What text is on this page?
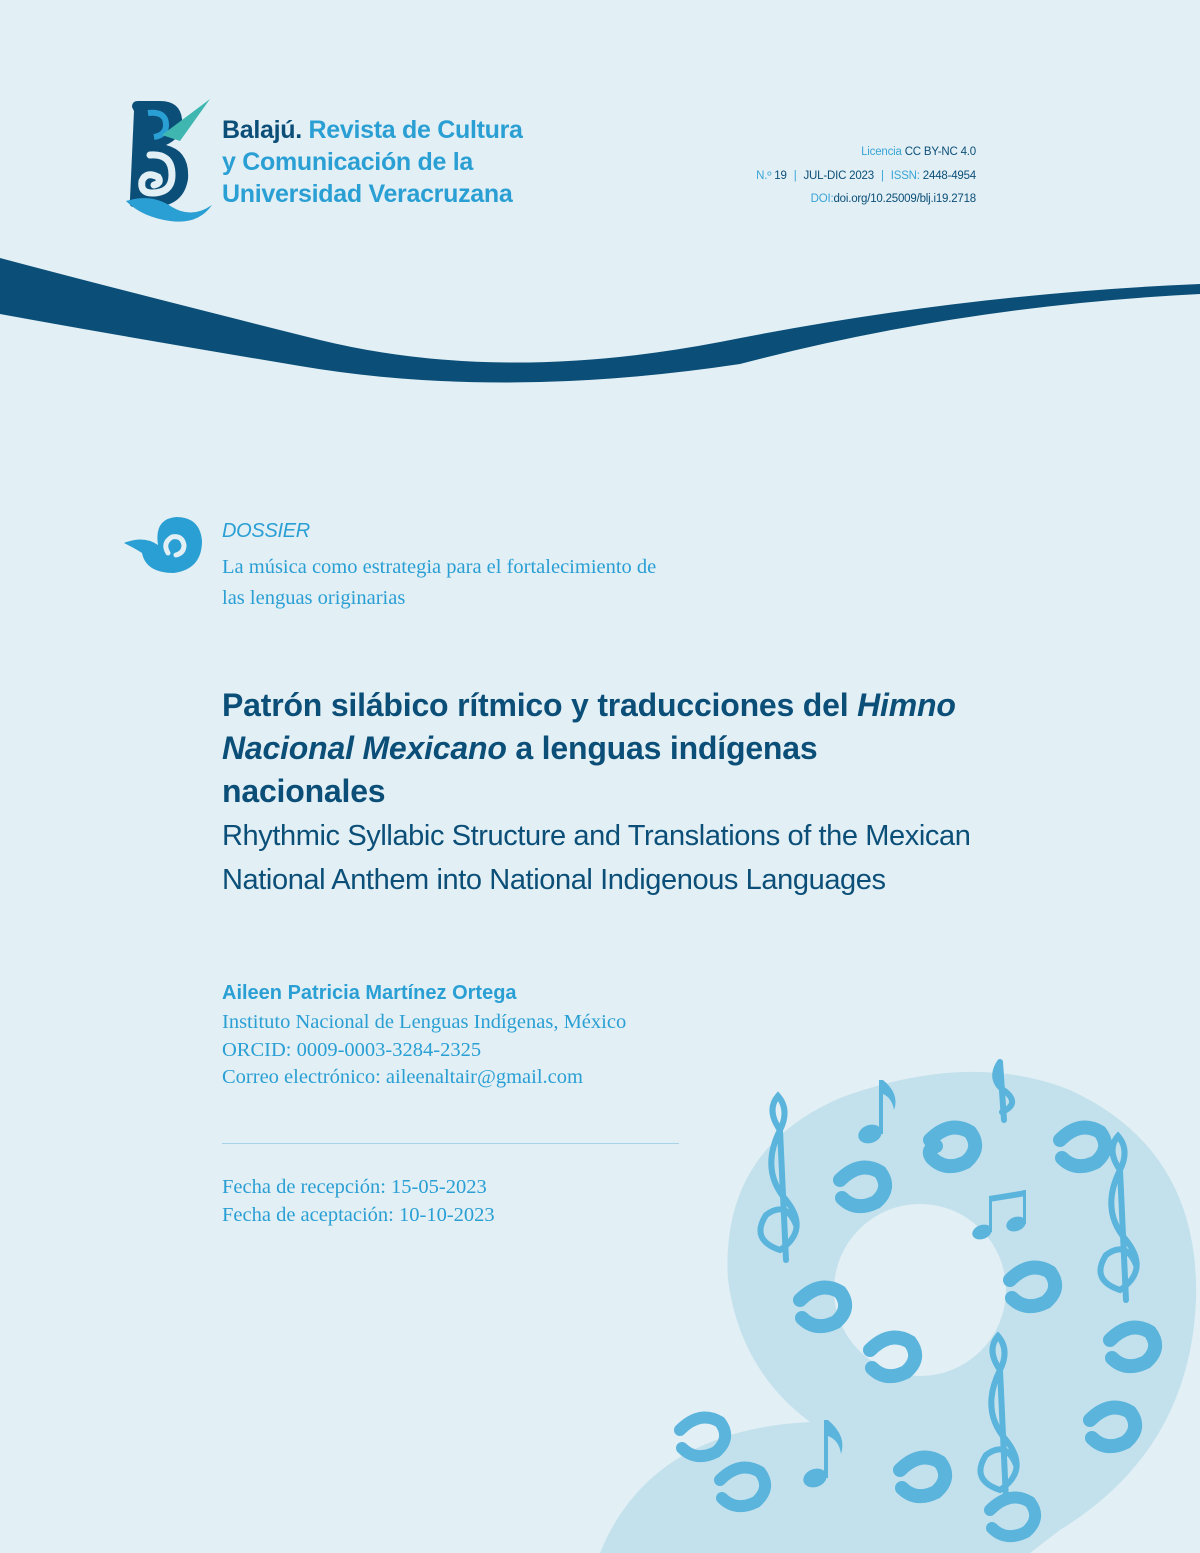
Balajú. Revista de Cultura
y Comunicación de la
Universidad Veracruzana
Licencia CC BY-NC 4.0
N.º 19 | JUL-DIC 2023 | ISSN: 2448-4954
DOI:doi.org/10.25009/blj.i19.2718
DOSSIER
La música como estrategia para el fortalecimiento de
las lenguas originarias
Patrón silábico rítmico y traducciones del Himno Nacional Mexicano a lenguas indígenas nacionales
Rhythmic Syllabic Structure and Translations of the Mexican National Anthem into National Indigenous Languages
Aileen Patricia Martínez Ortega
Instituto Nacional de Lenguas Indígenas, México
ORCID: 0009-0003-3284-2325
Correo electrónico: aileenaltair@gmail.com
Fecha de recepción: 15-05-2023
Fecha de aceptación: 10-10-2023
